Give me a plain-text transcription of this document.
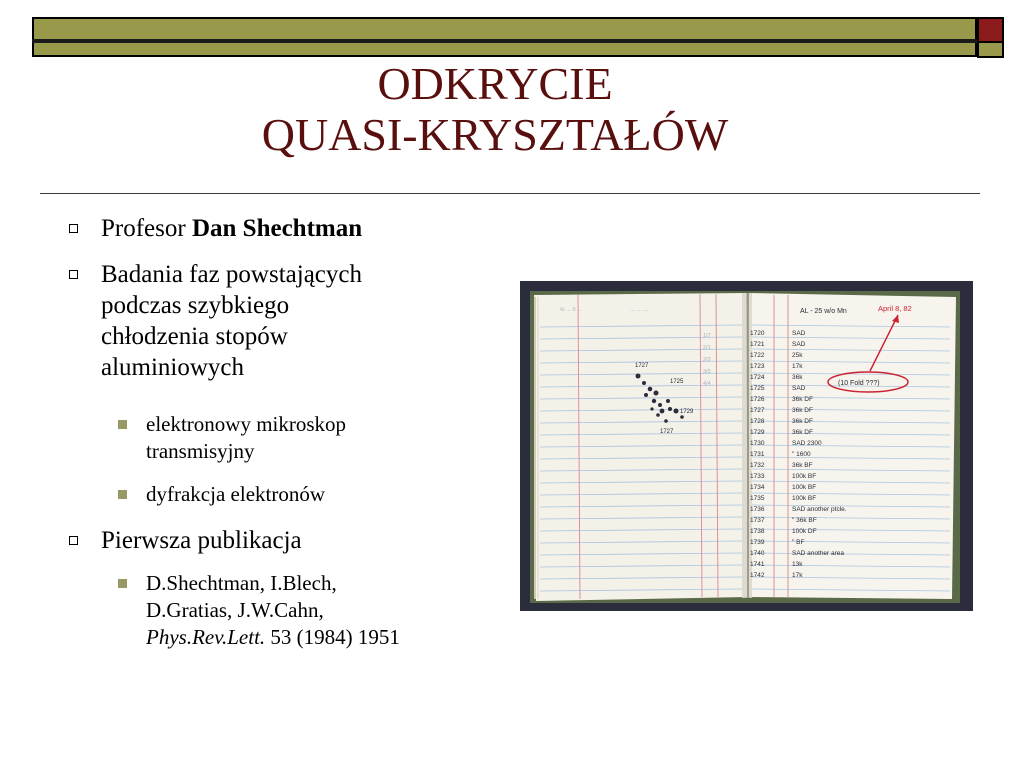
ODKRYCIE
QUASI-KRYSZTAŁÓW
Profesor Dan Shechtman
Badania faz powstających
podczas szybkiego
chłodzenia stopów
aluminiowych
elektronowy mikroskop
transmisyjny
dyfrakcja elektronów
Pierwsza publikacja
D.Shechtman, I.Blech,
D.Gratias, J.W.Cahn,
Phys.Rev.Lett. 53 (1984) 1951
w. .. 8 ...	... ... ...
1727
1725
1729
1727
AL - 25 w/o Mn	April 8, 82
(10 Fold ???)
1720	SAD
1721	SAD
1722	25k
1723	17k
1724	36k
1725	SAD
1726	36k DF
1727	36k DF
1728	36k DF
1729	36k DF
1730	SAD 2300
1731	" 1600
1732	36k BF
1733	100k BF
1734	100k BF
1735	100k BF
1736	SAD another ptcle.
1737	" 36k BF
1738	100k DF
1739	" BF
1740	SAD another area
1741	13k
1742	17k
1/7
2/1
2/2
3/5
4/4
